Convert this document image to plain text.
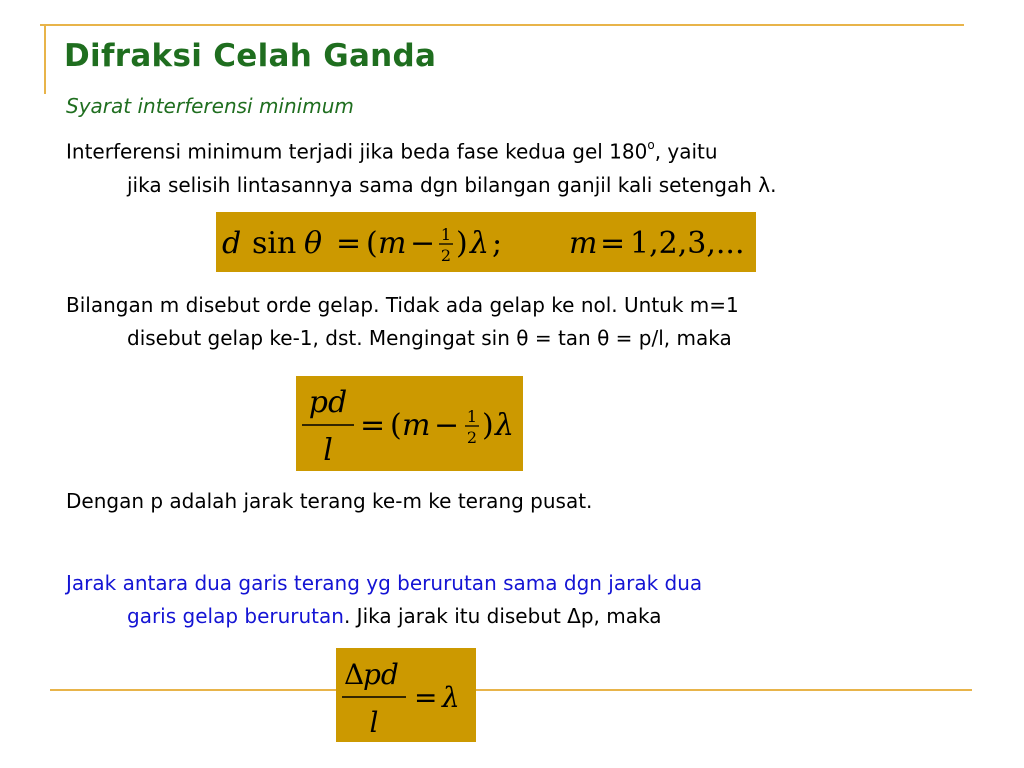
Difraksi Celah Ganda

Syarat interferensi minimum

Interferensi minimum terjadi jika beda fase kedua gel 180$^o$, yaitu
jika selisih lintasannya sama dgn bilangan ganjil kali setengah λ.

d sin θ = ( m − 1
2 ) λ ; m = 1,2,3,...

Bilangan m disebut orde gelap. Tidak ada gelap ke nol. Untuk m=1
disebut gelap ke-1, dst. Mengingat sin θ = tan θ = p/l, maka

pd
l
= ( m − 1
2 ) λ

Dengan p adalah jarak terang ke-m ke terang pusat.

Jarak antara dua garis terang yg berurutan sama dgn jarak dua
garis gelap berurutan. Jika jarak itu disebut Δp, maka

Δ
pd
l
= λ
